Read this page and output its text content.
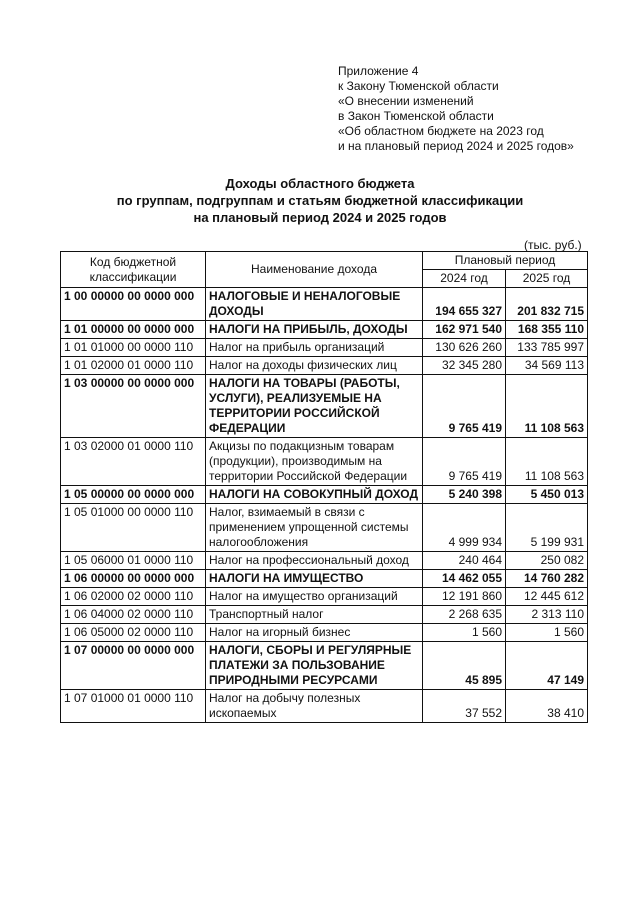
Приложение 4
к Закону Тюменской области
«О внесении изменений
в Закон Тюменской области
«Об областном бюджете на 2023 год
и на плановый период 2024 и 2025 годов»
Доходы областного бюджета
по группам, подгруппам и статьям бюджетной классификации
на плановый период 2024 и 2025 годов
(тыс. руб.)
Код бюджетной классификации	Наименование дохода	Плановый период	
		2024 год	2025 год
1 00 00000 00 0000 000	НАЛОГОВЫЕ И НЕНАЛОГОВЫЕ ДОХОДЫ	194 655 327	201 832 715
1 01 00000 00 0000 000	НАЛОГИ НА ПРИБЫЛЬ, ДОХОДЫ	162 971 540	168 355 110
1 01 01000 00 0000 110	Налог на прибыль организаций	130 626 260	133 785 997
1 01 02000 01 0000 110	Налог на доходы физических лиц	32 345 280	34 569 113
1 03 00000 00 0000 000	НАЛОГИ НА ТОВАРЫ (РАБОТЫ, УСЛУГИ), РЕАЛИЗУЕМЫЕ НА ТЕРРИТОРИИ РОССИЙСКОЙ ФЕДЕРАЦИИ	9 765 419	11 108 563
1 03 02000 01 0000 110	Акцизы по подакцизным товарам (продукции), производимым на территории Российской Федерации	9 765 419	11 108 563
1 05 00000 00 0000 000	НАЛОГИ НА СОВОКУПНЫЙ ДОХОД	5 240 398	5 450 013
1 05 01000 00 0000 110	Налог, взимаемый в связи с применением упрощенной системы налогообложения	4 999 934	5 199 931
1 05 06000 01 0000 110	Налог на профессиональный доход	240 464	250 082
1 06 00000 00 0000 000	НАЛОГИ НА ИМУЩЕСТВО	14 462 055	14 760 282
1 06 02000 02 0000 110	Налог на имущество организаций	12 191 860	12 445 612
1 06 04000 02 0000 110	Транспортный налог	2 268 635	2 313 110
1 06 05000 02 0000 110	Налог на игорный бизнес	1 560	1 560
1 07 00000 00 0000 000	НАЛОГИ, СБОРЫ И РЕГУЛЯРНЫЕ ПЛАТЕЖИ ЗА ПОЛЬЗОВАНИЕ ПРИРОДНЫМИ РЕСУРСАМИ	45 895	47 149
1 07 01000 01 0000 110	Налог на добычу полезных ископаемых	37 552	38 410
